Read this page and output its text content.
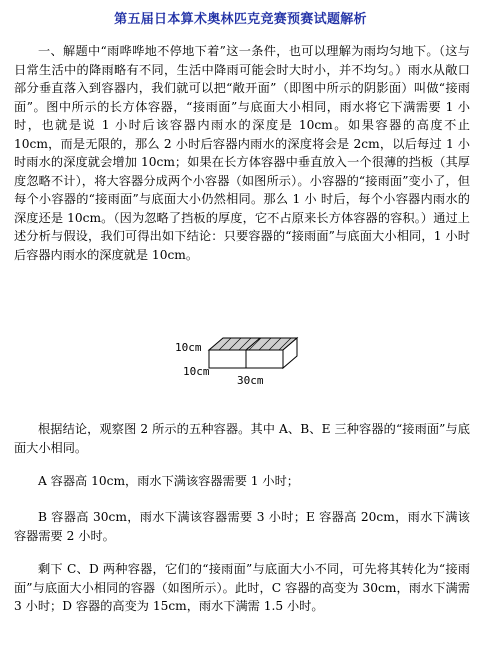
第五届日本算术奥林匹克竞赛预赛试题解析

一、解题中“雨哗哗地不停地下着”这一条件，也可以理解为雨均匀地下。（这与日常生活中的降雨略有不同，生活中降雨可能会时大时小，并不均匀。）雨水从敞口部分垂直落入到容器内，我们就可以把“敞开面”（即图中所示的阴影面）叫做“接雨面”。图中所示的长方体容器，“接雨面”与底面大小相同，雨水将它下满需要 1 小时，也就是说 1 小时后该容器内雨水的深度是 10cm。如果容器的高度不止 10cm，而是无限的，那么 2 小时后容器内雨水的深度将会是 2cm，以后每过 1 小时雨水的深度就会增加 10cm；如果在长方体容器中垂直放入一个很薄的挡板（其厚度忽略不计），将大容器分成两个小容器（如图所示）。小容器的“接雨面”变小了，但每个小容器的“接雨面”与底面大小仍然相同。那么 1 小 时后，每个小容器内雨水的深度还是 10cm。（因为忽略了挡板的厚度，它不占原来长方体容器的容积。）通过上述分析与假设，我们可得出如下结论：只要容器的“接雨面”与底面大小相同，1 小时后容器内雨水的深度就是 10cm。

10cm
10cm
30cm

根据结论，观察图 2 所示的五种容器。其中 A、B、E 三种容器的“接雨面”与底面大小相同。

A 容器高 10cm，雨水下满该容器需要 1 小时；

B 容器高 30cm，雨水下满该容器需要 3 小时；E 容器高 20cm，雨水下满该容器需要 2 小时。

剩下 C、D 两种容器，它们的“接雨面”与底面大小不同，可先将其转化为“接雨面”与底面大小相同的容器（如图所示）。此时，C 容器的高变为 30cm，雨水下满需 3 小时；D 容器的高变为 15cm，雨水下满需 1.5 小时。
